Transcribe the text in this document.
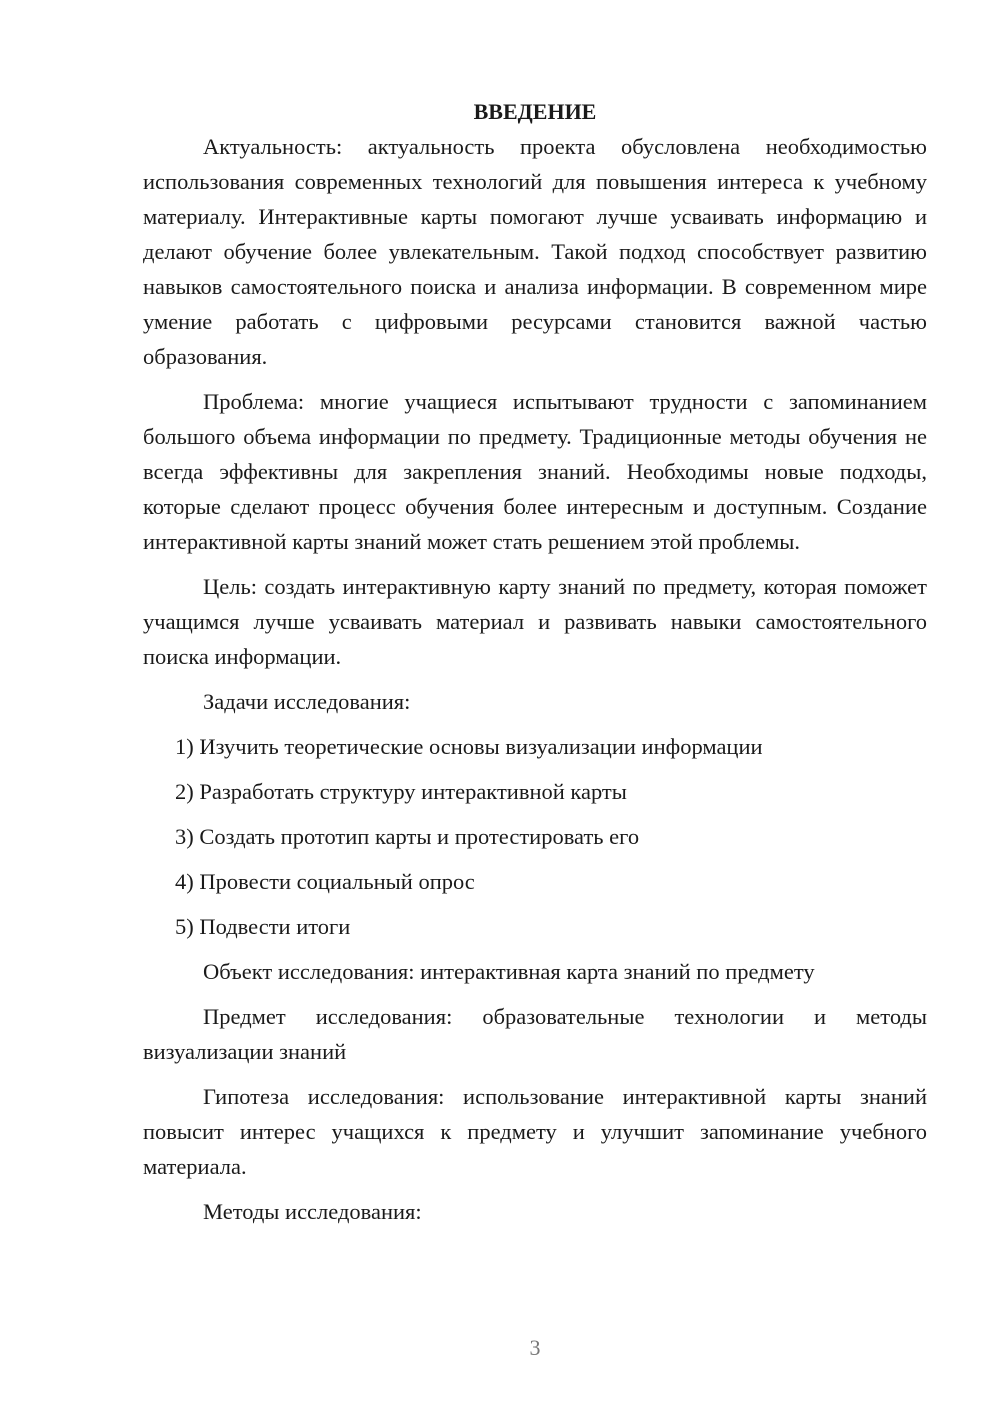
ВВЕДЕНИЕ

Актуальность: актуальность проекта обусловлена необходимостью использования современных технологий для повышения интереса к учебному материалу. Интерактивные карты помогают лучше усваивать информацию и делают обучение более увлекательным. Такой подход способствует развитию навыков самостоятельного поиска и анализа информации. В современном мире умение работать с цифровыми ресурсами становится важной частью образования.

Проблема: многие учащиеся испытывают трудности с запоминанием большого объема информации по предмету. Традиционные методы обучения не всегда эффективны для закрепления знаний. Необходимы новые подходы, которые сделают процесс обучения более интересным и доступным. Создание интерактивной карты знаний может стать решением этой проблемы.

Цель: создать интерактивную карту знаний по предмету, которая поможет учащимся лучше усваивать материал и развивать навыки самостоятельного поиска информации.

Задачи исследования:

1) Изучить теоретические основы визуализации информации

2) Разработать структуру интерактивной карты

3) Создать прототип карты и протестировать его

4) Провести социальный опрос

5) Подвести итоги

Объект исследования: интерактивная карта знаний по предмету

Предмет исследования: образовательные технологии и методы визуализации знаний

Гипотеза исследования: использование интерактивной карты знаний повысит интерес учащихся к предмету и улучшит запоминание учебного материала.

Методы исследования:

3
